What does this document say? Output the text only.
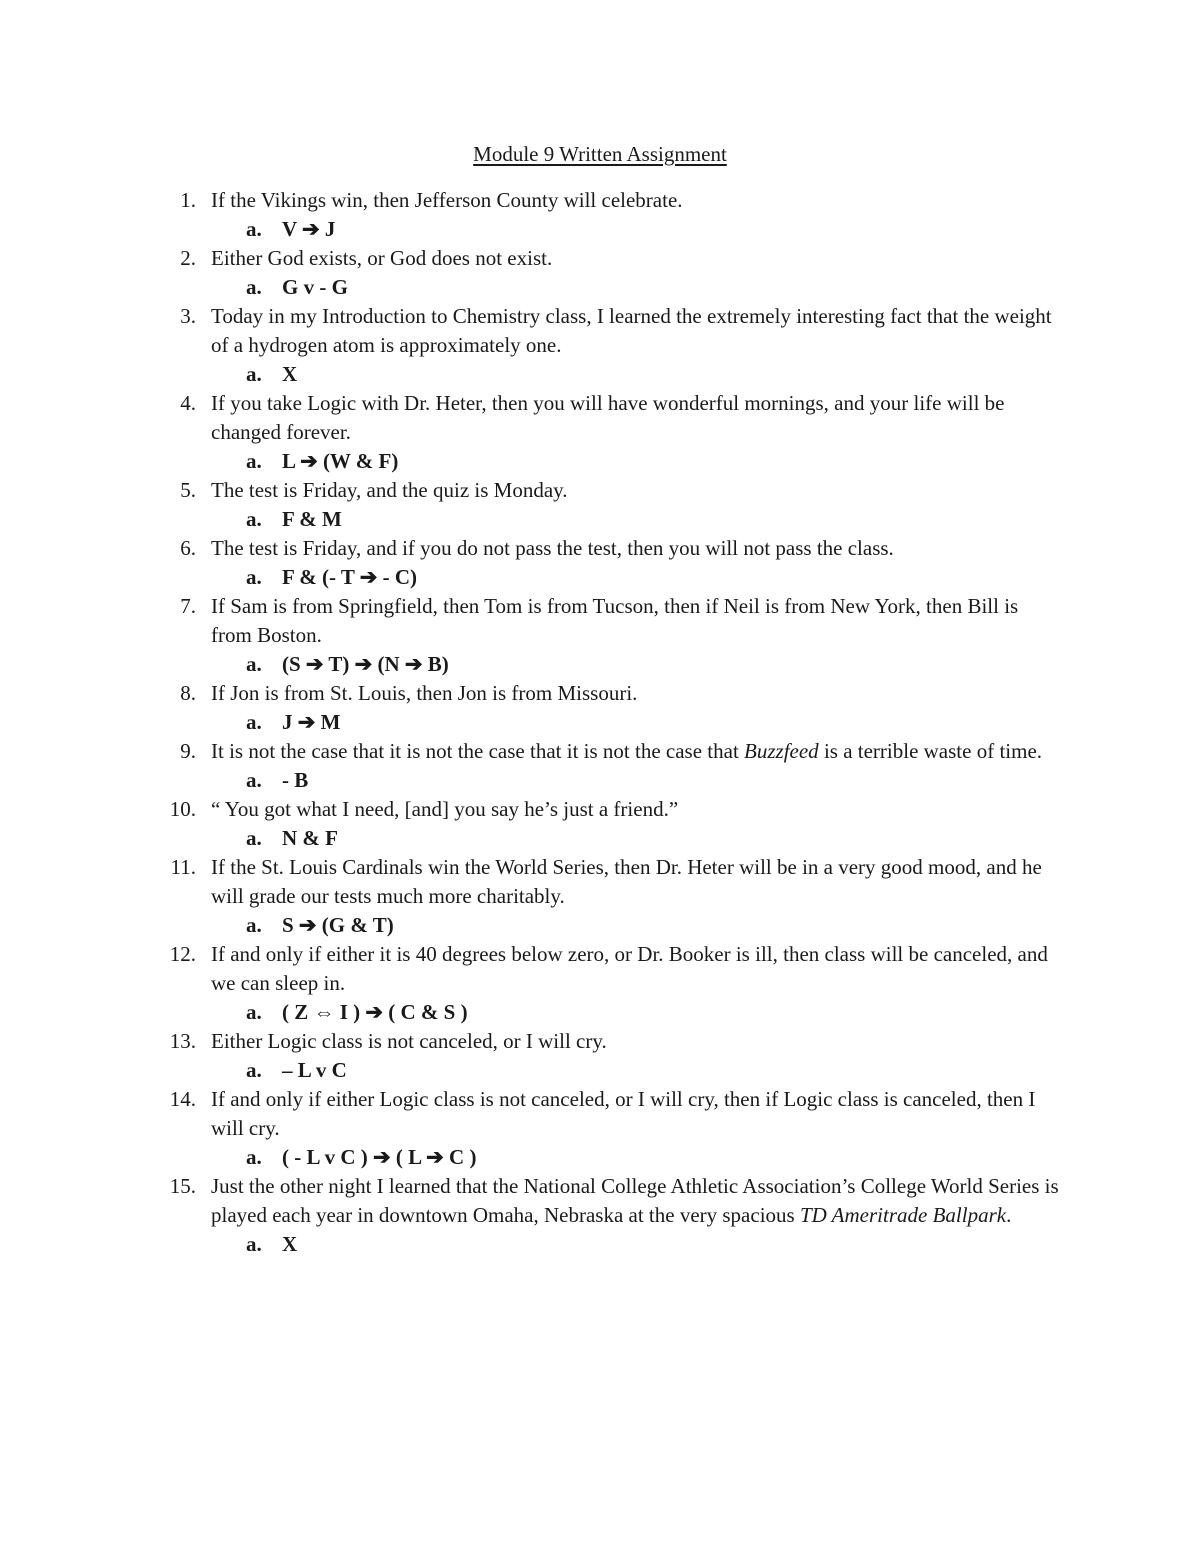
Module 9 Written Assignment
1. If the Vikings win, then Jefferson County will celebrate.
a. V ➔ J
2. Either God exists, or God does not exist.
a. G v - G
3. Today in my Introduction to Chemistry class, I learned the extremely interesting fact that the weight of a hydrogen atom is approximately one.
a. X
4. If you take Logic with Dr. Heter, then you will have wonderful mornings, and your life will be changed forever.
a. L ➔ (W & F)
5. The test is Friday, and the quiz is Monday.
a. F & M
6. The test is Friday, and if you do not pass the test, then you will not pass the class.
a. F & (- T ➔ - C)
7. If Sam is from Springfield, then Tom is from Tucson, then if Neil is from New York, then Bill is from Boston.
a. (S ➔ T) ➔ (N ➔ B)
8. If Jon is from St. Louis, then Jon is from Missouri.
a. J ➔ M
9. It is not the case that it is not the case that it is not the case that Buzzfeed is a terrible waste of time.
a. - B
10. “ You got what I need, [and] you say he’s just a friend.”
a. N & F
11. If the St. Louis Cardinals win the World Series, then Dr. Heter will be in a very good mood, and he will grade our tests much more charitably.
a. S ➔ (G & T)
12. If and only if either it is 40 degrees below zero, or Dr. Booker is ill, then class will be canceled, and we can sleep in.
a. ( Z ⇔ I ) ➔ ( C & S )
13. Either Logic class is not canceled, or I will cry.
a. – L v C
14. If and only if either Logic class is not canceled, or I will cry, then if Logic class is canceled, then I will cry.
a. ( - L v C ) ➔ ( L ➔ C )
15. Just the other night I learned that the National College Athletic Association’s College World Series is played each year in downtown Omaha, Nebraska at the very spacious TD Ameritrade Ballpark.
a. X
